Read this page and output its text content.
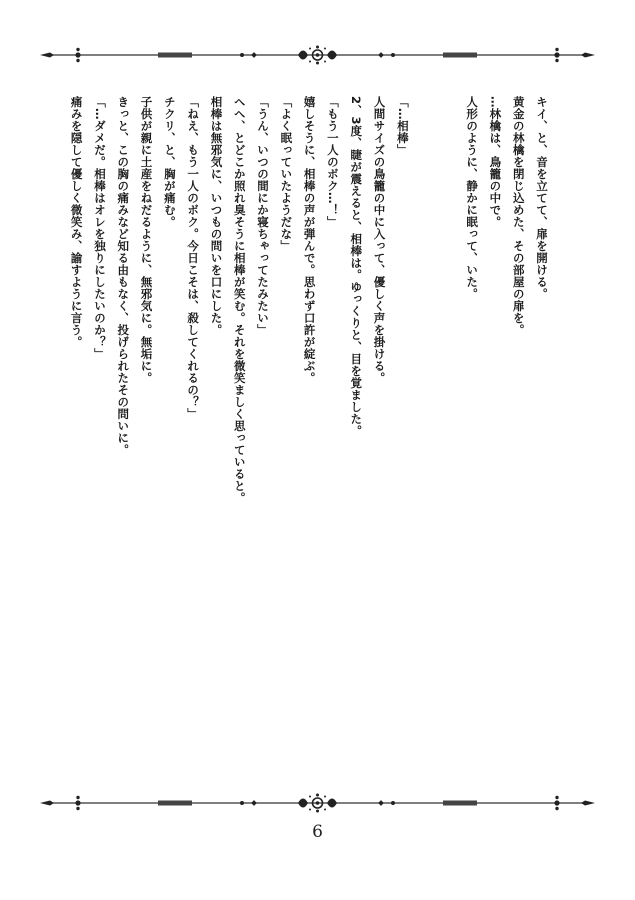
キイ、と、音を立てて、扉を開ける。

黄金の林檎を閉じ込めた、その部屋の扉を。

…林檎は、鳥籠の中で。

人形のように、静かに眠って、いた。

「…相棒」

人間サイズの鳥籠の中に入って、優しく声を掛ける。

2、3度、睫が震えると、相棒は。ゆっくりと、目を覚ました。

「もう一人のボク…！」

嬉しそうに、相棒の声が弾んで。思わず口許が綻ぶ。

「よく眠っていたようだな」

「うん、いつの間にか寝ちゃってたみたい」

へへ、とどこか照れ臭そうに相棒が笑む。それを微笑ましく思っていると。

相棒は無邪気に、いつもの問いを口にした。

「ねえ、もう一人のボク。今日こそは、殺してくれるの？」

チクリ、と、胸が痛む。

子供が親に土産をねだるように、無邪気に。無垢に。

きっと、この胸の痛みなど知る由もなく、投げられたその問いに。

「…ダメだ。相棒はオレを独りにしたいのか？」

痛みを隠して優しく微笑み、諭すように言う。

6
